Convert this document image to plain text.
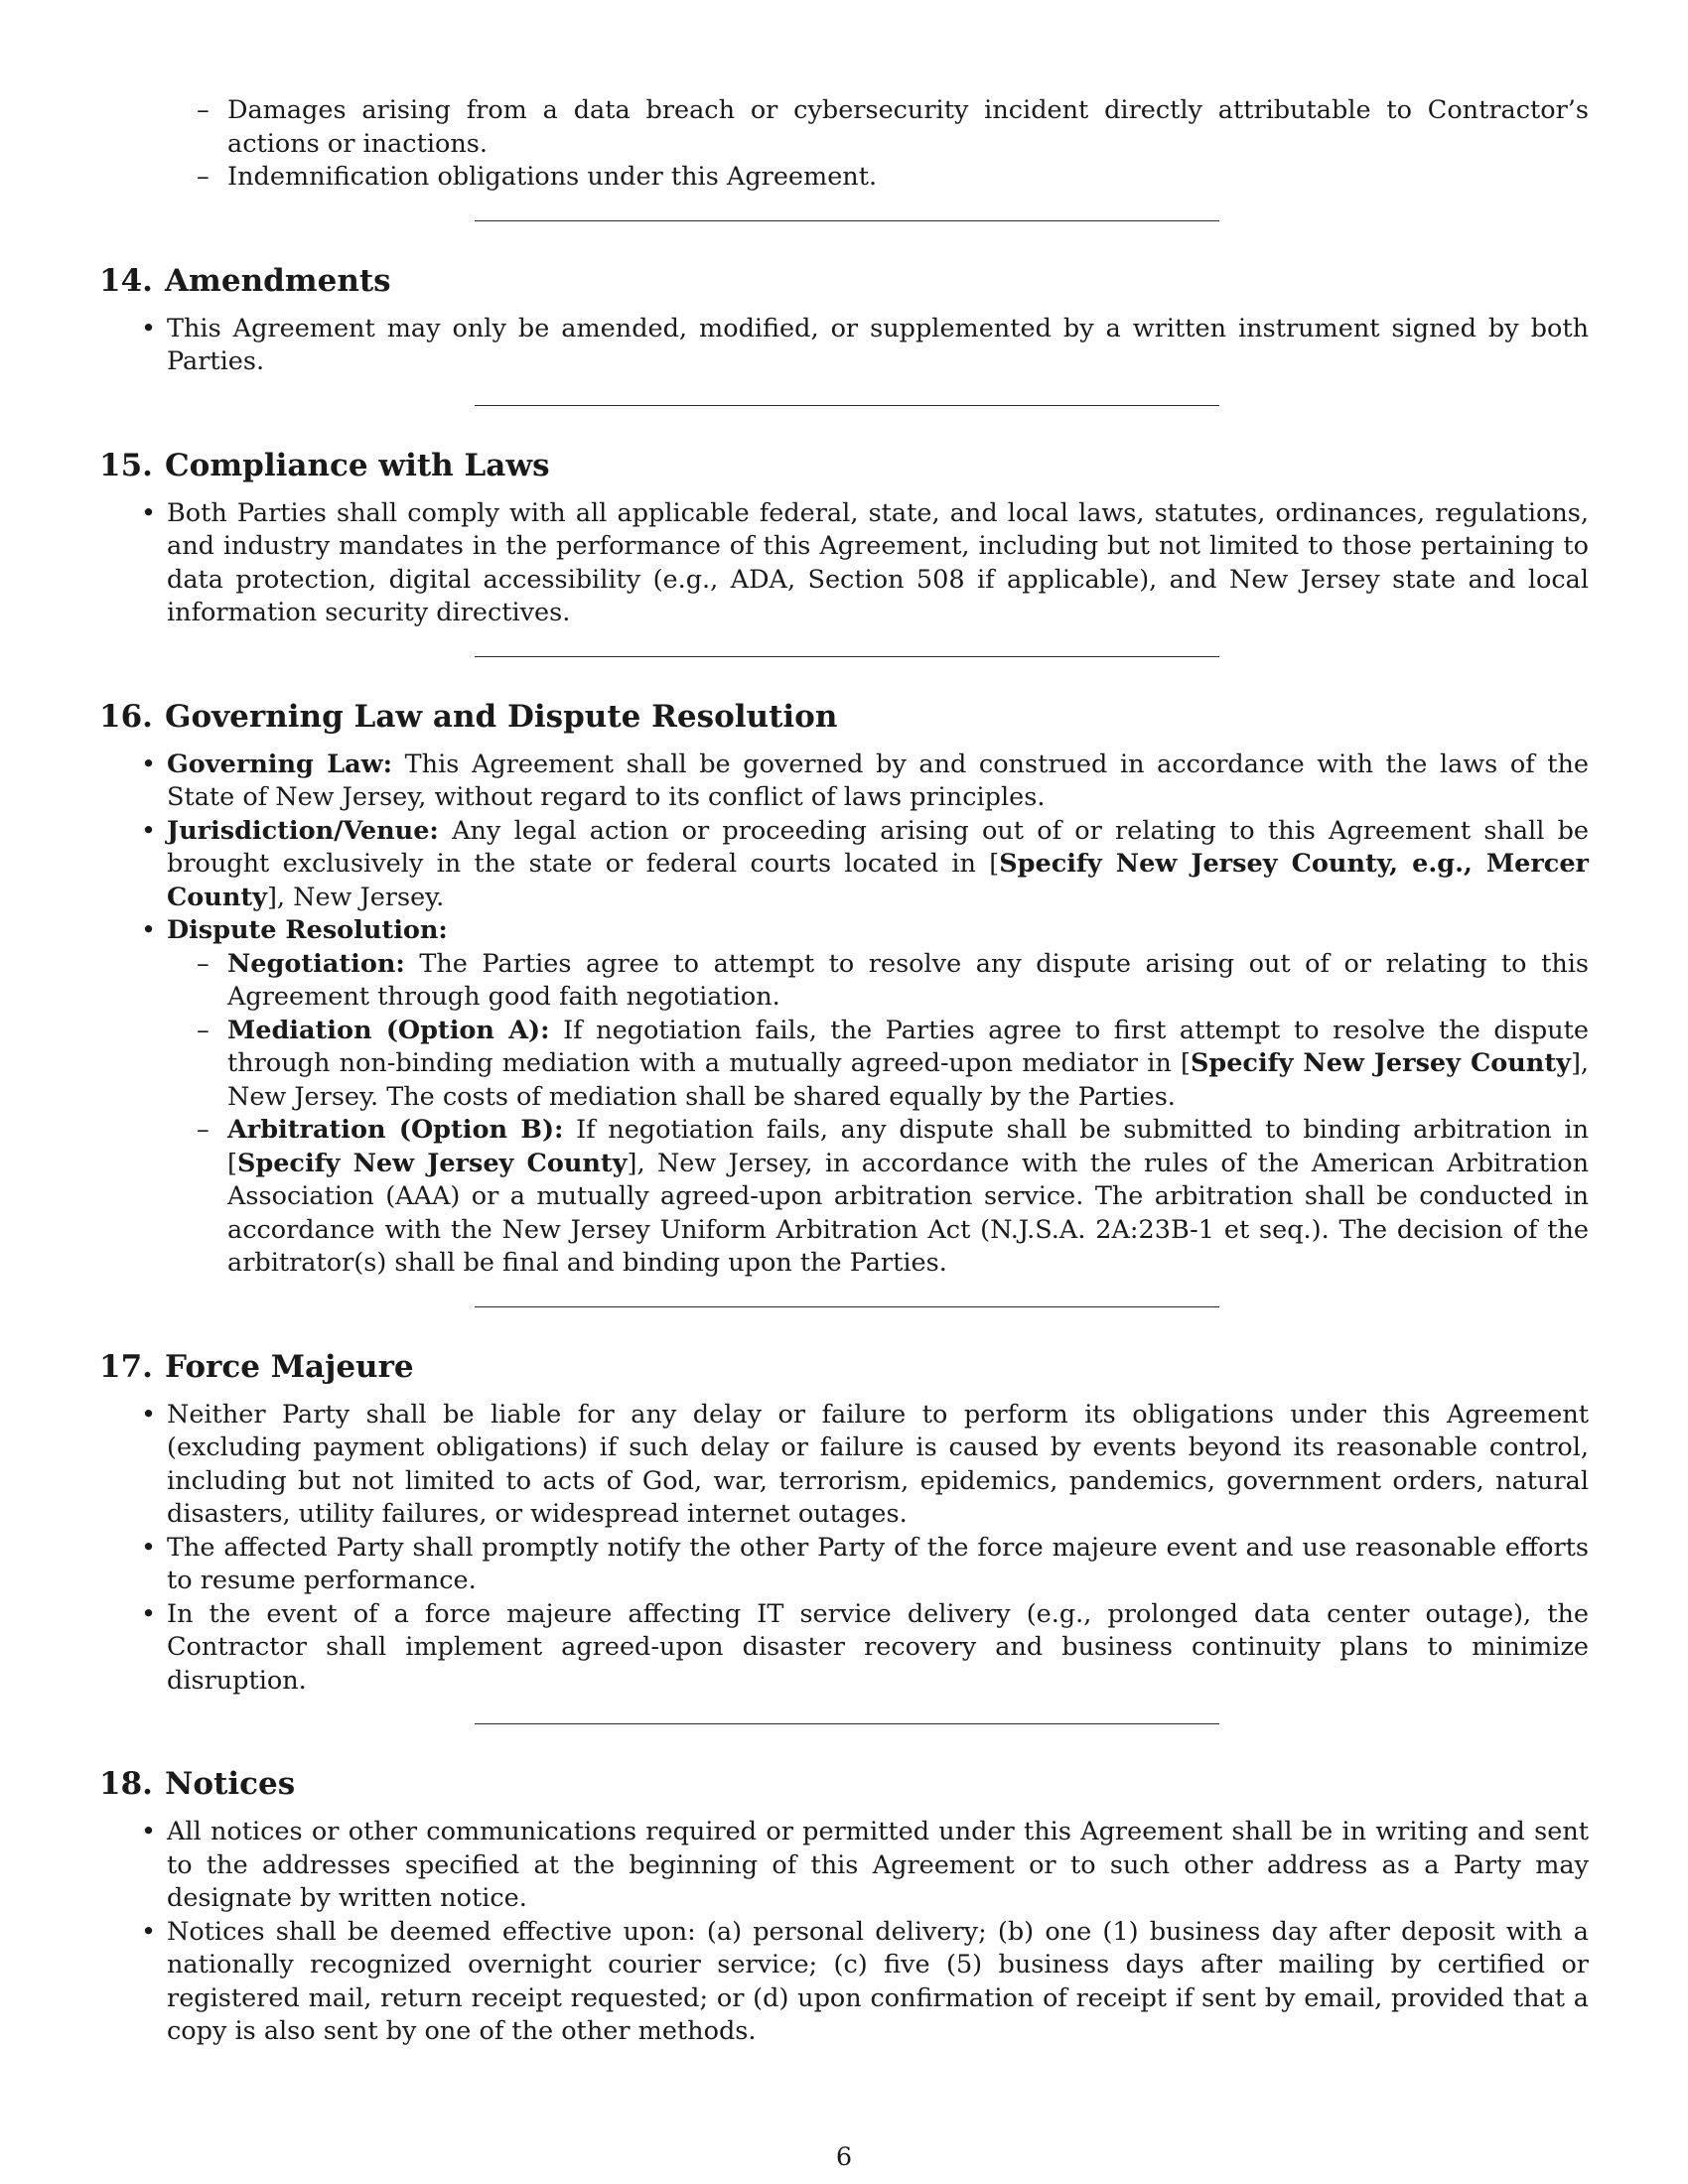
– Damages arising from a data breach or cybersecurity incident directly attributable to Contractor’s actions or inactions.
– Indemnification obligations under this Agreement.
14. Amendments
• This Agreement may only be amended, modified, or supplemented by a written instrument signed by both Parties.
15. Compliance with Laws
• Both Parties shall comply with all applicable federal, state, and local laws, statutes, ordinances, regulations, and industry mandates in the performance of this Agreement, including but not limited to those pertaining to data protection, digital accessibility (e.g., ADA, Section 508 if applicable), and New Jersey state and local information security directives.
16. Governing Law and Dispute Resolution
• Governing Law: This Agreement shall be governed by and construed in accordance with the laws of the State of New Jersey, without regard to its conflict of laws principles.
• Jurisdiction/Venue: Any legal action or proceeding arising out of or relating to this Agreement shall be brought exclusively in the state or federal courts located in [Specify New Jersey County, e.g., Mercer County], New Jersey.
• Dispute Resolution:
– Negotiation: The Parties agree to attempt to resolve any dispute arising out of or relating to this Agreement through good faith negotiation.
– Mediation (Option A): If negotiation fails, the Parties agree to first attempt to resolve the dispute through non-binding mediation with a mutually agreed-upon mediator in [Specify New Jersey County], New Jersey. The costs of mediation shall be shared equally by the Parties.
– Arbitration (Option B): If negotiation fails, any dispute shall be submitted to binding arbitration in [Specify New Jersey County], New Jersey, in accordance with the rules of the American Arbitration Association (AAA) or a mutually agreed-upon arbitration service. The arbitration shall be conducted in accordance with the New Jersey Uniform Arbitration Act (N.J.S.A. 2A:23B-1 et seq.). The decision of the arbitrator(s) shall be final and binding upon the Parties.
17. Force Majeure
• Neither Party shall be liable for any delay or failure to perform its obligations under this Agreement (excluding payment obligations) if such delay or failure is caused by events beyond its reasonable control, including but not limited to acts of God, war, terrorism, epidemics, pandemics, government orders, natural disasters, utility failures, or widespread internet outages.
• The affected Party shall promptly notify the other Party of the force majeure event and use reasonable efforts to resume performance.
• In the event of a force majeure affecting IT service delivery (e.g., prolonged data center outage), the Contractor shall implement agreed-upon disaster recovery and business continuity plans to minimize disruption.
18. Notices
• All notices or other communications required or permitted under this Agreement shall be in writing and sent to the addresses specified at the beginning of this Agreement or to such other address as a Party may designate by written notice.
• Notices shall be deemed effective upon: (a) personal delivery; (b) one (1) business day after deposit with a nationally recognized overnight courier service; (c) five (5) business days after mailing by certified or registered mail, return receipt requested; or (d) upon confirmation of receipt if sent by email, provided that a copy is also sent by one of the other methods.
6
